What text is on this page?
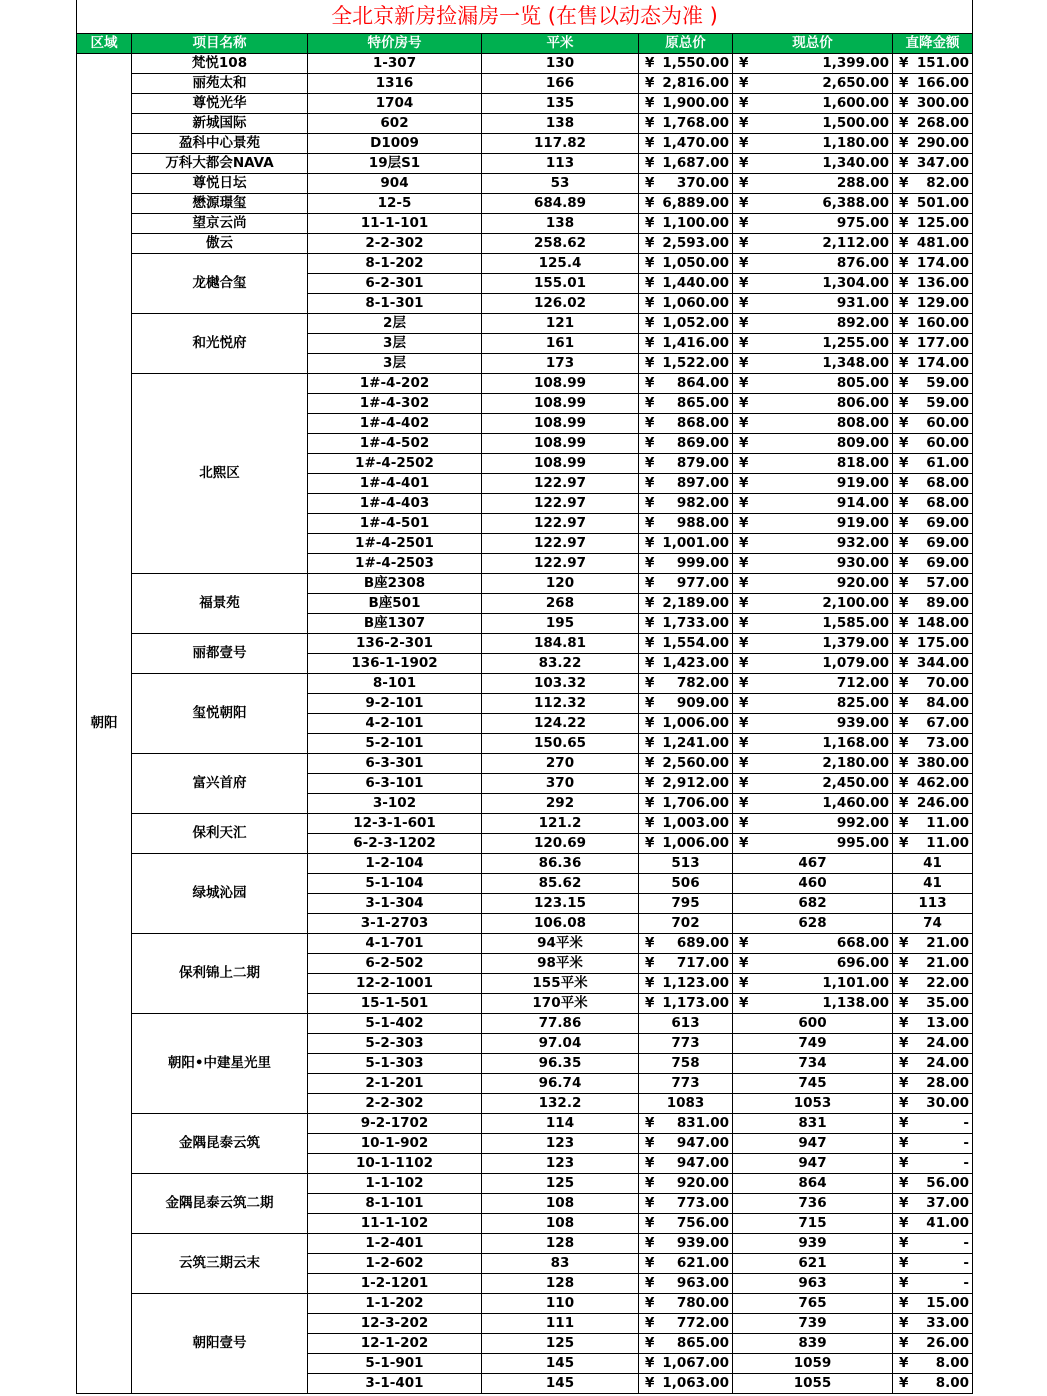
全北京新房捡漏房一览 (在售以动态为准 )						
区域	项目名称	特价房号	平米	原总价	现总价	直降金额
朝阳	梵悦108	1-307	130	¥ 1,550.00	¥ 1,399.00	¥ 151.00

	丽苑太和	1316	166	¥ 2,816.00	¥ 2,650.00	¥ 166.00

	尊悦光华	1704	135	¥ 1,900.00	¥ 1,600.00	¥ 300.00

	新城国际	602	138	¥ 1,768.00	¥ 1,500.00	¥ 268.00

	盈科中心景苑	D1009	117.82	¥ 1,470.00	¥ 1,180.00	¥ 290.00

	万科大都会NAVA	19层S1	113	¥ 1,687.00	¥ 1,340.00	¥ 347.00

	尊悦日坛	904	53	¥ 370.00	¥ 288.00	¥ 82.00

	懋源璟玺	12-5	684.89	¥ 6,889.00	¥ 6,388.00	¥ 501.00

	望京云尚	11-1-101	138	¥ 1,100.00	¥ 975.00	¥ 125.00

	傲云	2-2-302	258.62	¥ 2,593.00	¥ 2,112.00	¥ 481.00

	龙樾合玺	8-1-202	125.4	¥ 1,050.00	¥ 876.00	¥ 174.00

		6-2-301	155.01	¥ 1,440.00	¥ 1,304.00	¥ 136.00

		8-1-301	126.02	¥ 1,060.00	¥ 931.00	¥ 129.00

	和光悦府	2层	121	¥ 1,052.00	¥ 892.00	¥ 160.00

		3层	161	¥ 1,416.00	¥ 1,255.00	¥ 177.00

		3层	173	¥ 1,522.00	¥ 1,348.00	¥ 174.00

	北熙区	1#-4-202	108.99	¥ 864.00	¥ 805.00	¥ 59.00

		1#-4-302	108.99	¥ 865.00	¥ 806.00	¥ 59.00

		1#-4-402	108.99	¥ 868.00	¥ 808.00	¥ 60.00

		1#-4-502	108.99	¥ 869.00	¥ 809.00	¥ 60.00

		1#-4-2502	108.99	¥ 879.00	¥ 818.00	¥ 61.00

		1#-4-401	122.97	¥ 897.00	¥ 919.00	¥ 68.00

		1#-4-403	122.97	¥ 982.00	¥ 914.00	¥ 68.00

		1#-4-501	122.97	¥ 988.00	¥ 919.00	¥ 69.00

		1#-4-2501	122.97	¥ 1,001.00	¥ 932.00	¥ 69.00

		1#-4-2503	122.97	¥ 999.00	¥ 930.00	¥ 69.00

	福景苑	B座2308	120	¥ 977.00	¥ 920.00	¥ 57.00

		B座501	268	¥ 2,189.00	¥ 2,100.00	¥ 89.00

		B座1307	195	¥ 1,733.00	¥ 1,585.00	¥ 148.00

	丽都壹号	136-2-301	184.81	¥ 1,554.00	¥ 1,379.00	¥ 175.00

		136-1-1902	83.22	¥ 1,423.00	¥ 1,079.00	¥ 344.00

	玺悦朝阳	8-101	103.32	¥ 782.00	¥ 712.00	¥ 70.00

		9-2-101	112.32	¥ 909.00	¥ 825.00	¥ 84.00

		4-2-101	124.22	¥ 1,006.00	¥ 939.00	¥ 67.00

		5-2-101	150.65	¥ 1,241.00	¥ 1,168.00	¥ 73.00

	富兴首府	6-3-301	270	¥ 2,560.00	¥ 2,180.00	¥ 380.00

		6-3-101	370	¥ 2,912.00	¥ 2,450.00	¥ 462.00

		3-102	292	¥ 1,706.00	¥ 1,460.00	¥ 246.00

	保利天汇	12-3-1-601	121.2	¥ 1,003.00	¥ 992.00	¥ 11.00

		6-2-3-1202	120.69	¥ 1,006.00	¥ 995.00	¥ 11.00

	绿城沁园	1-2-104	86.36	513	467	41
		5-1-104	85.62	506	460	41
		3-1-304	123.15	795	682	113
		3-1-2703	106.08	702	628	74
	保利锦上二期	4-1-701	94平米	¥ 689.00	¥ 668.00	¥ 21.00

		6-2-502	98平米	¥ 717.00	¥ 696.00	¥ 21.00

		12-2-1001	155平米	¥ 1,123.00	¥ 1,101.00	¥ 22.00

		15-1-501	170平米	¥ 1,173.00	¥ 1,138.00	¥ 35.00

	朝阳•中建星光里	5-1-402	77.86	613	600	¥ 13.00

		5-2-303	97.04	773	749	¥ 24.00

		5-1-303	96.35	758	734	¥ 24.00

		2-1-201	96.74	773	745	¥ 28.00

		2-2-302	132.2	1083	1053	¥ 30.00

	金隅昆泰云筑	9-2-1702	114	¥ 831.00	831	¥ -

		10-1-902	123	¥ 947.00	947	¥ -

		10-1-1102	123	¥ 947.00	947	¥ -

	金隅昆泰云筑二期	1-1-102	125	¥ 920.00	864	¥ 56.00

		8-1-101	108	¥ 773.00	736	¥ 37.00

		11-1-102	108	¥ 756.00	715	¥ 41.00

	云筑三期云末	1-2-401	128	¥ 939.00	939	¥ -

		1-2-602	83	¥ 621.00	621	¥ -

		1-2-1201	128	¥ 963.00	963	¥ -

	朝阳壹号	1-1-202	110	¥ 780.00	765	¥ 15.00

		12-3-202	111	¥ 772.00	739	¥ 33.00

		12-1-202	125	¥ 865.00	839	¥ 26.00

		5-1-901	145	¥ 1,067.00	1059	¥ 8.00

		3-1-401	145	¥ 1,063.00	1055	¥ 8.00
